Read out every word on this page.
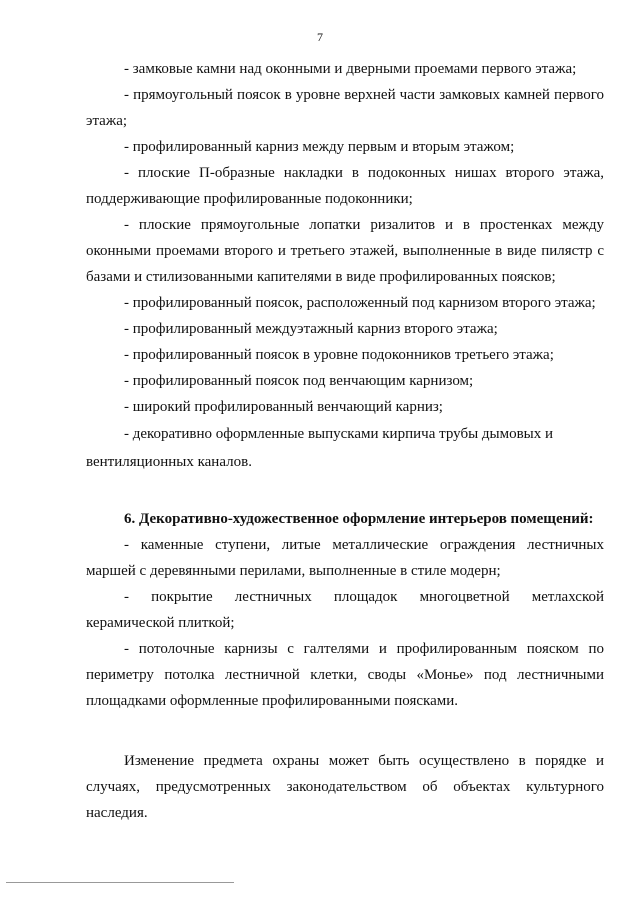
7

- замковые камни над оконными и дверными проемами первого этажа;

- прямоугольный поясок в уровне верхней части замковых камней первого этажа;

- профилированный карниз между первым и вторым этажом;

- плоские П-образные накладки в подоконных нишах второго этажа, поддерживающие профилированные подоконники;

- плоские прямоугольные лопатки ризалитов и в простенках между оконными проемами второго и третьего этажей, выполненные в виде пилястр с базами и стилизованными капителями в виде профилированных поясков;

- профилированный поясок, расположенный под карнизом второго этажа;

- профилированный междуэтажный карниз второго этажа;

- профилированный поясок в уровне подоконников третьего этажа;

- профилированный поясок под венчающим карнизом;

- широкий профилированный венчающий карниз;

- декоративно оформленные выпусками кирпича трубы дымовых и вентиляционных каналов.

6. Декоративно-художественное оформление интерьеров помещений:

- каменные ступени, литые металлические ограждения лестничных маршей с деревянными перилами, выполненные в стиле модерн;

- покрытие лестничных площадок многоцветной метлахской керамической плиткой;

- потолочные карнизы с галтелями и профилированным пояском по периметру потолка лестничной клетки, своды «Монье» под лестничными площадками оформленные профилированными поясками.

Изменение предмета охраны может быть осуществлено в порядке и случаях, предусмотренных законодательством об объектах культурного наследия.
